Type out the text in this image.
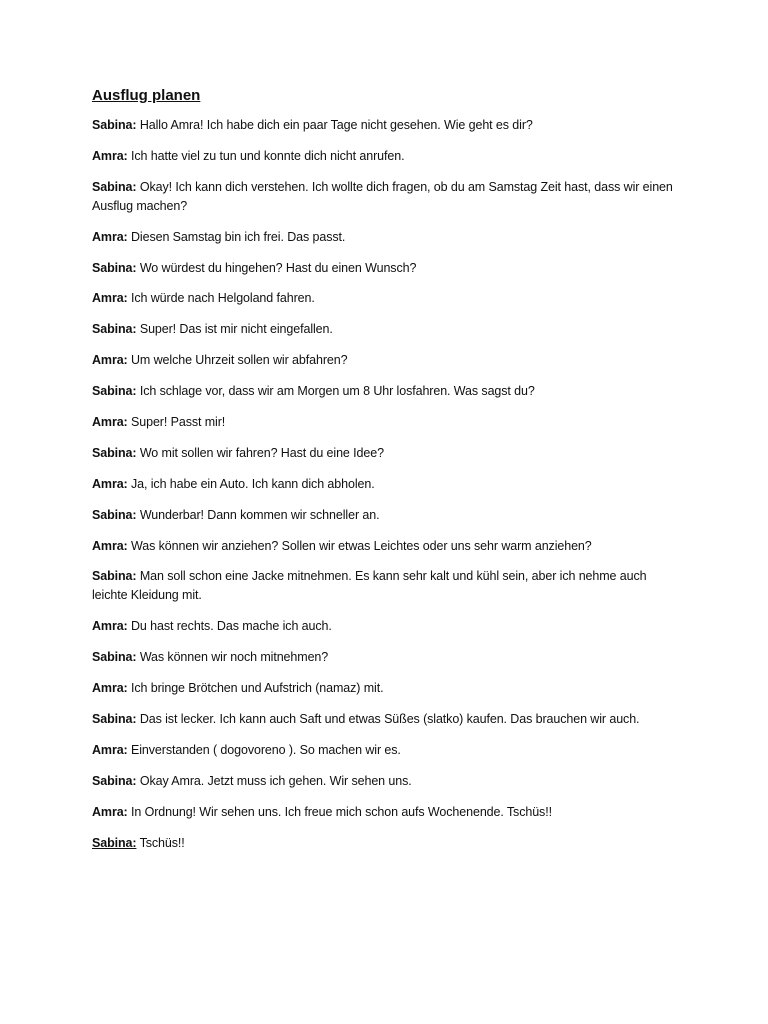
Ausflug planen
Sabina: Hallo Amra! Ich habe dich ein paar Tage nicht gesehen. Wie geht es dir?
Amra: Ich hatte viel zu tun und konnte dich nicht anrufen.
Sabina: Okay! Ich kann dich verstehen. Ich wollte dich fragen, ob du am Samstag Zeit hast, dass wir einen Ausflug machen?
Amra: Diesen Samstag bin ich frei. Das passt.
Sabina: Wo würdest du hingehen? Hast du einen Wunsch?
Amra: Ich würde nach Helgoland fahren.
Sabina: Super! Das ist mir nicht eingefallen.
Amra: Um welche Uhrzeit sollen wir abfahren?
Sabina: Ich schlage vor, dass wir am Morgen um 8 Uhr losfahren. Was sagst du?
Amra: Super! Passt mir!
Sabina: Wo mit sollen wir fahren? Hast du eine Idee?
Amra: Ja, ich habe ein Auto. Ich kann dich abholen.
Sabina: Wunderbar! Dann kommen wir schneller an.
Amra: Was können wir anziehen? Sollen wir etwas Leichtes oder uns sehr warm anziehen?
Sabina: Man soll schon eine Jacke mitnehmen. Es kann sehr kalt und kühl sein, aber ich nehme auch leichte Kleidung mit.
Amra: Du hast rechts. Das mache ich auch.
Sabina: Was können wir noch mitnehmen?
Amra: Ich bringe Brötchen und Aufstrich (namaz) mit.
Sabina: Das ist lecker. Ich kann auch Saft und etwas Süßes (slatko) kaufen. Das brauchen wir auch.
Amra: Einverstanden ( dogovoreno ). So machen wir es.
Sabina: Okay Amra. Jetzt muss ich gehen. Wir sehen uns.
Amra: In Ordnung! Wir sehen uns. Ich freue mich schon aufs Wochenende. Tschüs!!
Sabina: Tschüs!!
